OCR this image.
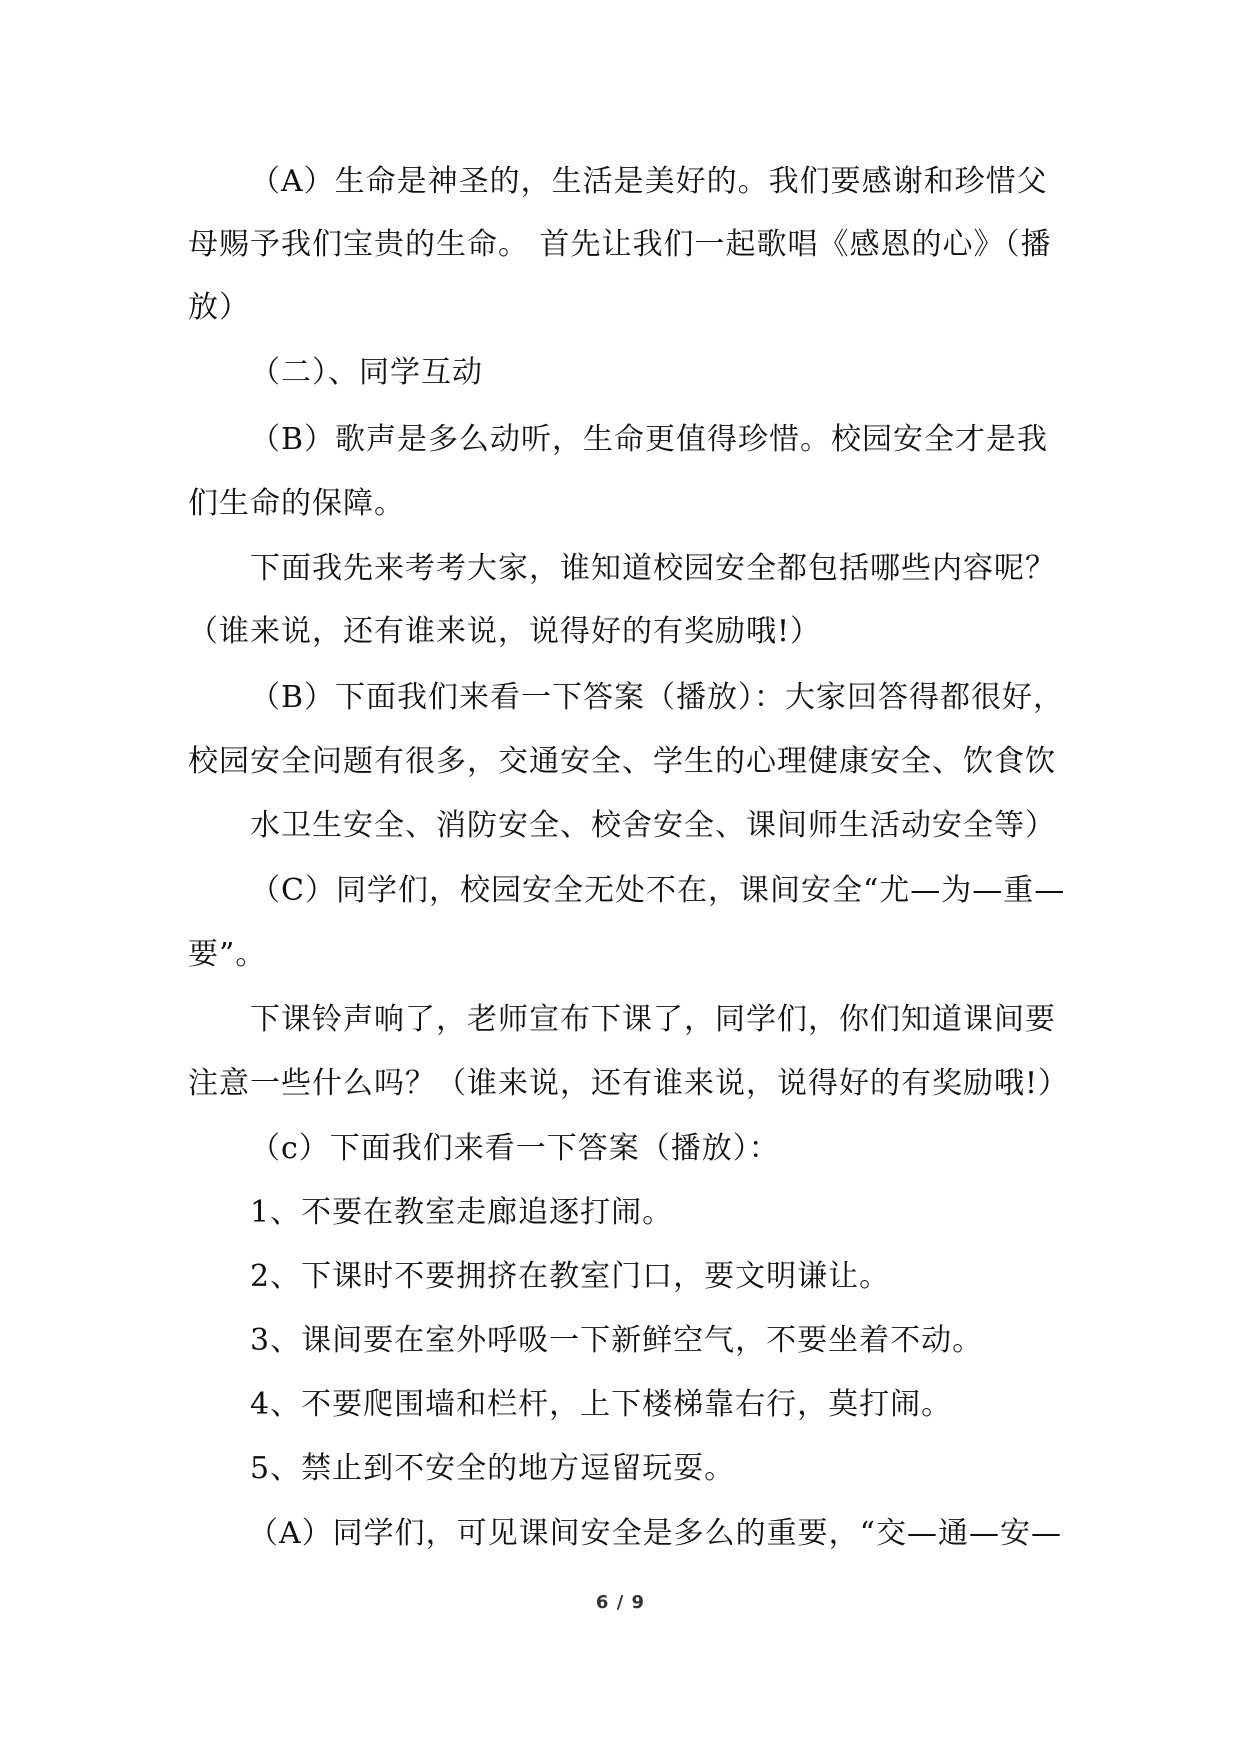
（A）生命是神圣的，生活是美好的。我们要感谢和珍惜父
母赐予我们宝贵的生命。 首先让我们一起歌唱《感恩的心》（播
放）
（二）、同学互动
（B）歌声是多么动听，生命更值得珍惜。校园安全才是我
们生命的保障。
下面我先来考考大家，谁知道校园安全都包括哪些内容呢？
（谁来说，还有谁来说，说得好的有奖励哦!）
（B）下面我们来看一下答案（播放）：大家回答得都很好，
校园安全问题有很多，交通安全、学生的心理健康安全、饮食饮
水卫生安全、消防安全、校舍安全、课间师生活动安全等）
（C）同学们，校园安全无处不在，课间安全“尤—为—重—
要”。
下课铃声响了，老师宣布下课了，同学们，你们知道课间要
注意一些什么吗？（谁来说，还有谁来说，说得好的有奖励哦!）
（c）下面我们来看一下答案（播放）：
1、不要在教室走廊追逐打闹。
2、下课时不要拥挤在教室门口，要文明谦让。
3、课间要在室外呼吸一下新鲜空气，不要坐着不动。
4、不要爬围墙和栏杆，上下楼梯靠右行，莫打闹。
5、禁止到不安全的地方逗留玩耍。
（A）同学们，可见课间安全是多么的重要，“交—通—安—
6 / 9
